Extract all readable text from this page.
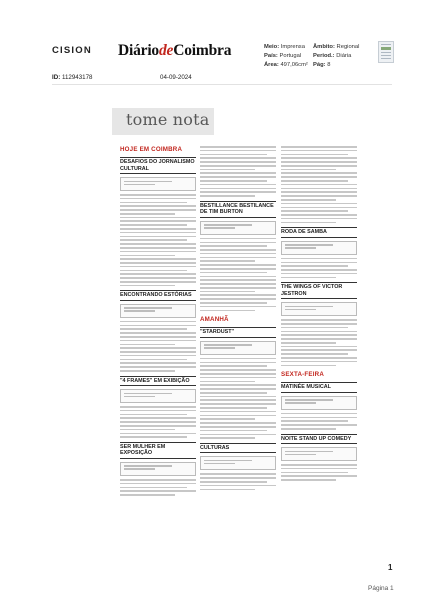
CISION
ID: 112943178	04-09-2024
DiáriodeCoimbra	Meio: Imprensa
País: Portugal
Área: 497,06cm²
Âmbito: Regional
Period.: Diária
Pág: 8
tome nota
HOJE EM COIMBRA
DESAFIOS DO JORNALISMO CULTURAL
ENCONTRANDO ESTÓRIAS
"4 FRAMES" EM EXIBIÇÃO
SER MULHER EM EXPOSIÇÃO
BESTILLANCE BESTILANCE DE TIM BURTON
AMANHÃ
"STARDUST"
CULTURAS
RODA DE SAMBA
THE WINGS OF VICTOR JESTRON
SEXTA-FEIRA
MATINÉE MUSICAL
NOITE STAND UP COMEDY
1
Página 1
